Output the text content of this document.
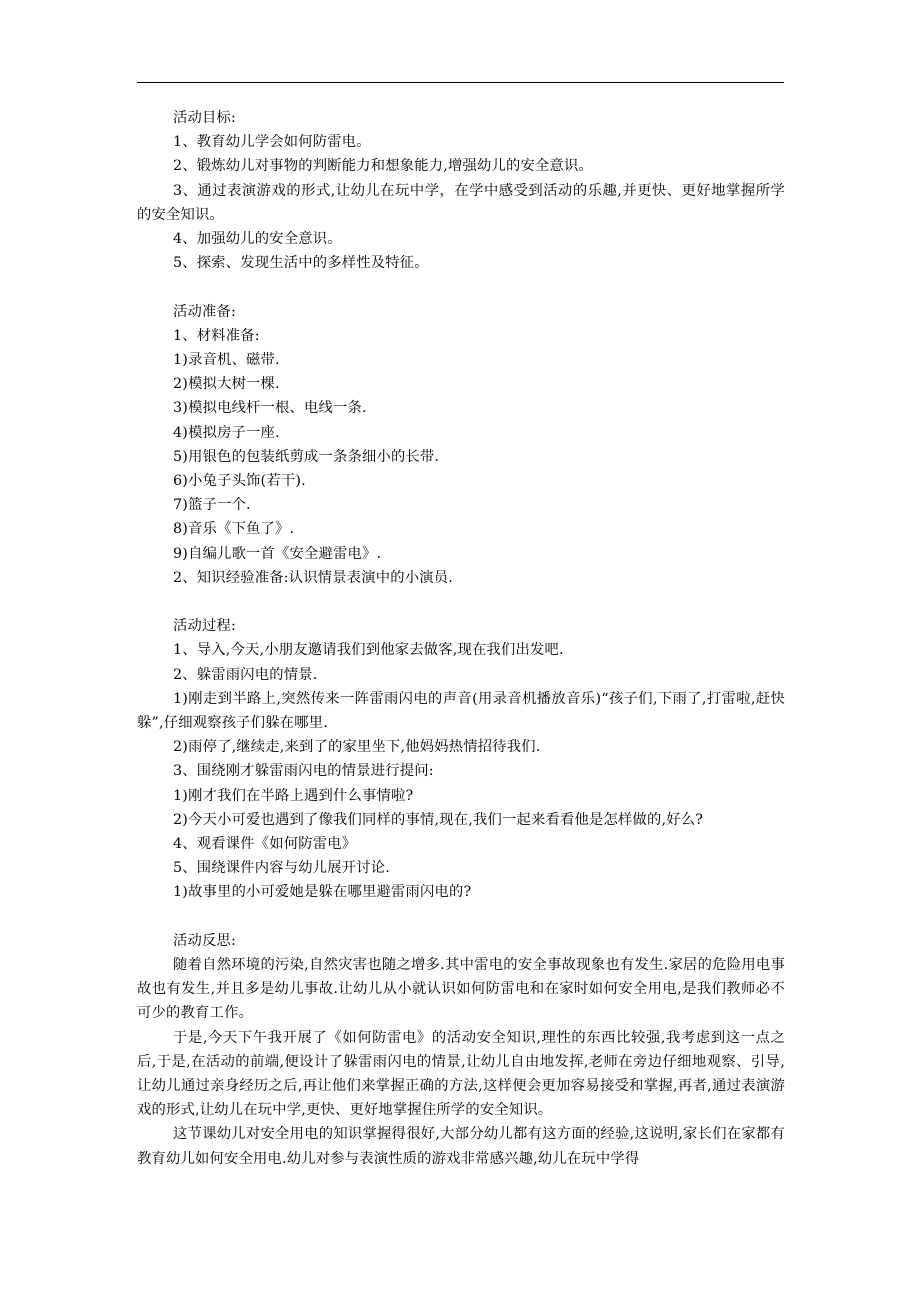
活动目标:
1、教育幼儿学会如何防雷电。
2、锻炼幼儿对事物的判断能力和想象能力,增强幼儿的安全意识。
3、通过表演游戏的形式,让幼儿在玩中学，在学中感受到活动的乐趣,并更快、更好地掌握所学的安全知识。
4、加强幼儿的安全意识。
5、探索、发现生活中的多样性及特征。
活动准备:
1、材料准备:
1)录音机、磁带.
2)模拟大树一棵.
3)模拟电线杆一根、电线一条.
4)模拟房子一座.
5)用银色的包装纸剪成一条条细小的长带.
6)小兔子头饰(若干).
7)篮子一个.
8)音乐《下鱼了》.
9)自编儿歌一首《安全避雷电》.
2、知识经验准备:认识情景表演中的小演员.
活动过程:
1、导入,今天,小朋友邀请我们到他家去做客,现在我们出发吧.
2、躲雷雨闪电的情景.
1)刚走到半路上,突然传来一阵雷雨闪电的声音(用录音机播放音乐)“孩子们,下雨了,打雷啦,赶快躲”,仔细观察孩子们躲在哪里.
2)雨停了,继续走,来到了的家里坐下,他妈妈热情招待我们.
3、围绕刚才躲雷雨闪电的情景进行提问:
1)刚才我们在半路上遇到什么事情啦?
2)今天小可爱也遇到了像我们同样的事情,现在,我们一起来看看他是怎样做的,好么?
4、观看课件《如何防雷电》
5、围绕课件内容与幼儿展开讨论.
1)故事里的小可爱她是躲在哪里避雷雨闪电的?
活动反思:
随着自然环境的污染,自然灾害也随之增多.其中雷电的安全事故现象也有发生.家居的危险用电事故也有发生,并且多是幼儿事故.让幼儿从小就认识如何防雷电和在家时如何安全用电,是我们教师必不可少的教育工作。
于是,今天下午我开展了《如何防雷电》的活动安全知识,理性的东西比较强,我考虑到这一点之后,于是,在活动的前端,便设计了躲雷雨闪电的情景,让幼儿自由地发挥,老师在旁边仔细地观察、引导,让幼儿通过亲身经历之后,再让他们来掌握正确的方法,这样便会更加容易接受和掌握,再者,通过表演游戏的形式,让幼儿在玩中学,更快、更好地掌握住所学的安全知识。
这节课幼儿对安全用电的知识掌握得很好,大部分幼儿都有这方面的经验,这说明,家长们在家都有教育幼儿如何安全用电.幼儿对参与表演性质的游戏非常感兴趣,幼儿在玩中学得
